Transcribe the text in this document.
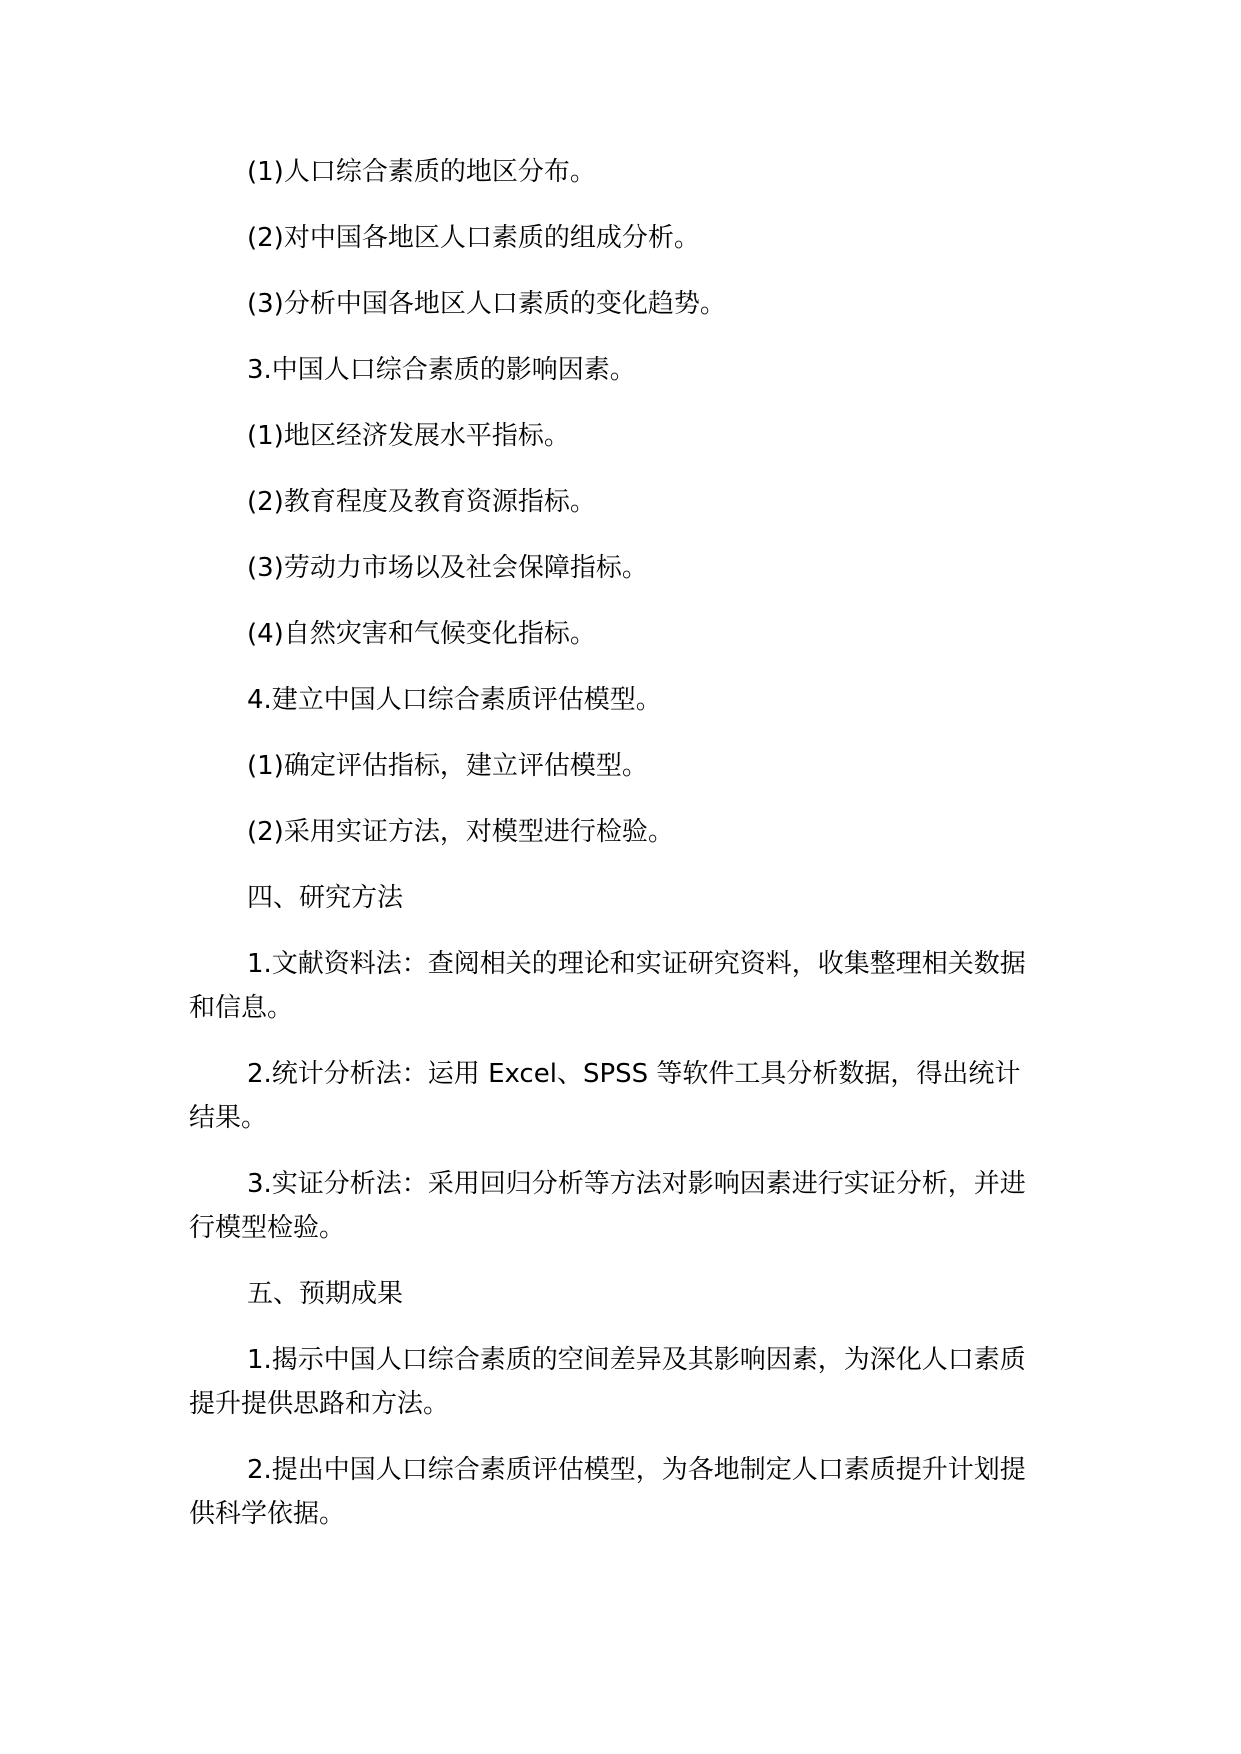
(1)人口综合素质的地区分布。

(2)对中国各地区人口素质的组成分析。

(3)分析中国各地区人口素质的变化趋势。

3.中国人口综合素质的影响因素。

(1)地区经济发展水平指标。

(2)教育程度及教育资源指标。

(3)劳动力市场以及社会保障指标。

(4)自然灾害和气候变化指标。

4.建立中国人口综合素质评估模型。

(1)确定评估指标，建立评估模型。

(2)采用实证方法，对模型进行检验。

四、研究方法

1.文献资料法：查阅相关的理论和实证研究资料，收集整理相关数据和信息。

2.统计分析法：运用 Excel、SPSS 等软件工具分析数据，得出统计结果。

3.实证分析法：采用回归分析等方法对影响因素进行实证分析，并进行模型检验。

五、预期成果

1.揭示中国人口综合素质的空间差异及其影响因素，为深化人口素质提升提供思路和方法。

2.提出中国人口综合素质评估模型，为各地制定人口素质提升计划提供科学依据。
